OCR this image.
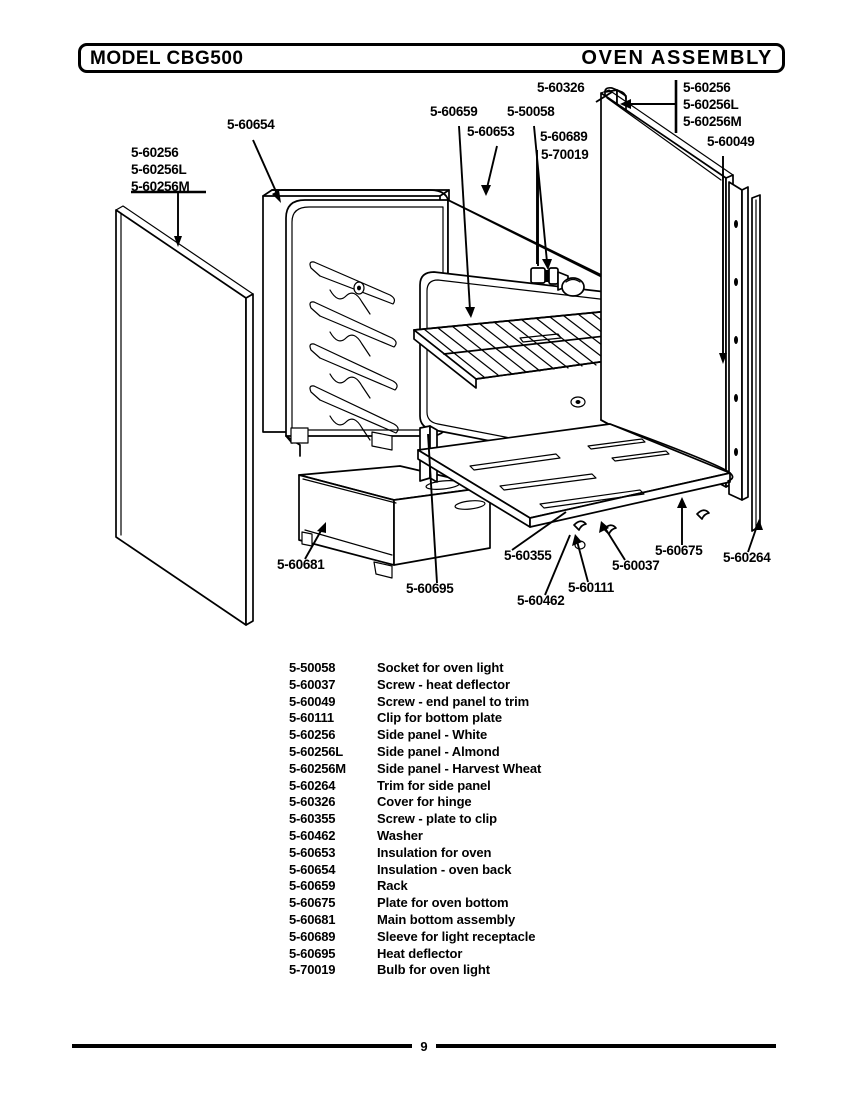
MODEL CBG500	OVEN ASSEMBLY
5-60256
5-60256L
5-60256M
5-60654
5-60659 5-50058
5-60653 5-60689
5-70019
5-60326	5-60256
5-60256L
5-60256M
5-60049
5-60264
5-60675
5-60037
5-60111
5-60462
5-60355
5-60695
5-60681
5-50058	Socket for oven light
5-60037	Screw - heat deflector
5-60049	Screw - end panel to trim
5-60111	Clip for bottom plate
5-60256	Side panel - White
5-60256L	Side panel - Almond
5-60256M	Side panel - Harvest Wheat
5-60264	Trim for side panel
5-60326	Cover for hinge
5-60355	Screw - plate to clip
5-60462	Washer
5-60653	Insulation for oven
5-60654	Insulation - oven back
5-60659	Rack
5-60675	Plate for oven bottom
5-60681	Main bottom assembly
5-60689	Sleeve for light receptacle
5-60695	Heat deflector
5-70019	Bulb for oven light
9
